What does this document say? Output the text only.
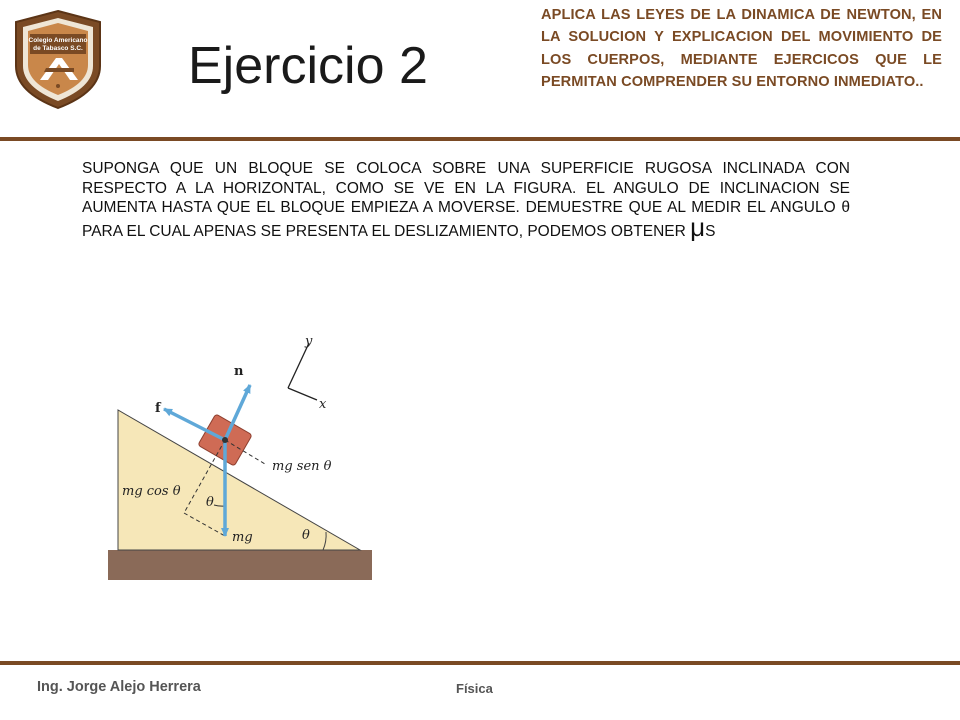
Colegio Americano
de Tabasco S.C. Ejercicio 2

APLICA LAS LEYES DE LA DINAMICA DE NEWTON, EN LA SOLUCION Y EXPLICACION DEL MOVIMIENTO DE LOS CUERPOS, MEDIANTE EJERCICOS QUE LE PERMITAN COMPRENDER SU ENTORNO INMEDIATO..

SUPONGA QUE UN BLOQUE SE COLOCA SOBRE UNA SUPERFICIE RUGOSA INCLINADA CON RESPECTO A LA HORIZONTAL, COMO SE VE EN LA FIGURA. EL ANGULO DE INCLINACION SE AUMENTA HASTA QUE EL BLOQUE EMPIEZA A MOVERSE. DEMUESTRE QUE AL MEDIR EL ANGULO θ PARA EL CUAL APENAS SE PRESENTA EL DESLIZAMIENTO, PODEMOS OBTENER μS

n
f
y
x
mg sen θ
mg cos θ
mg
θ
θ

Ing. Jorge Alejo Herrera	Física
